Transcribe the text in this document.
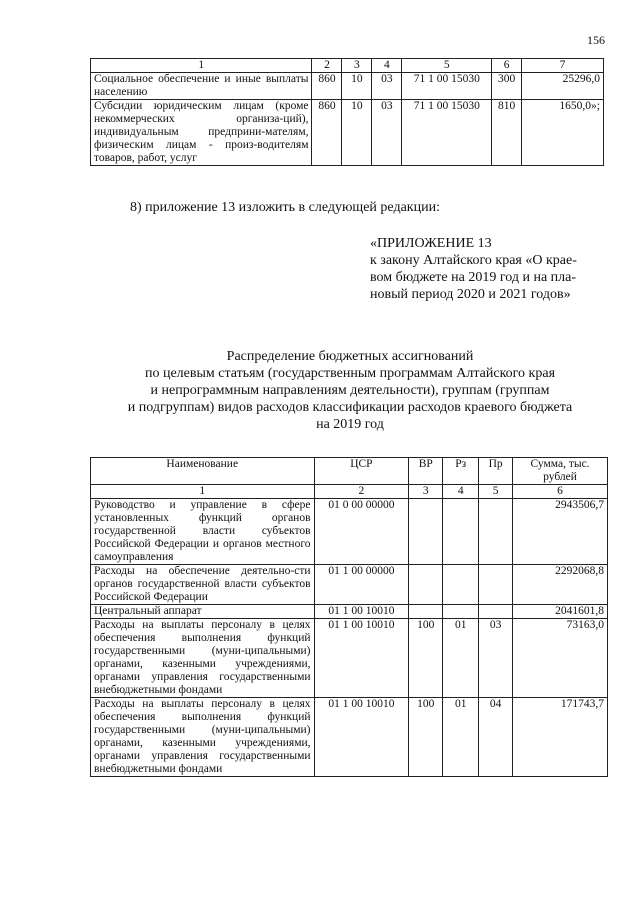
156
1	2	3	4	5	6	7
Социальное обеспечение и иные выплаты населению	860	10	03	71 1 00 15030	300	25296,0
Субсидии юридическим лицам (кроме некоммерческих организа-ций), индивидуальным предприни-мателям, физическим лицам - произ-водителям товаров, работ, услуг	860	10	03	71 1 00 15030	810	1650,0»;
8) приложение 13 изложить в следующей редакции:
«ПРИЛОЖЕНИЕ 13
к закону Алтайского края «О крае-
вом бюджете на 2019 год и на пла-
новый период 2020 и 2021 годов»
Распределение бюджетных ассигнований
по целевым статьям (государственным программам Алтайского края
и непрограммным направлениям деятельности), группам (группам
и подгруппам) видов расходов классификации расходов краевого бюджета
на 2019 год
Наименование	ЦСР	ВР	Рз	Пр	Сумма, тыс. рублей
1	2	3	4	5	6
Руководство и управление в сфере установленных функций органов государственной власти субъектов Российской Федерации и органов местного самоуправления	01 0 00 00000				2943506,7
Расходы на обеспечение деятельно-сти органов государственной власти субъектов Российской Федерации	01 1 00 00000				2292068,8
Центральный аппарат	01 1 00 10010				2041601,8
Расходы на выплаты персоналу в целях обеспечения выполнения функций государственными (муни-ципальными) органами, казенными учреждениями, органами управления государственными внебюджетными фондами	01 1 00 10010	100	01	03	73163,0
Расходы на выплаты персоналу в целях обеспечения выполнения функций государственными (муни-ципальными) органами, казенными учреждениями, органами управления государственными внебюджетными фондами	01 1 00 10010	100	01	04	171743,7
